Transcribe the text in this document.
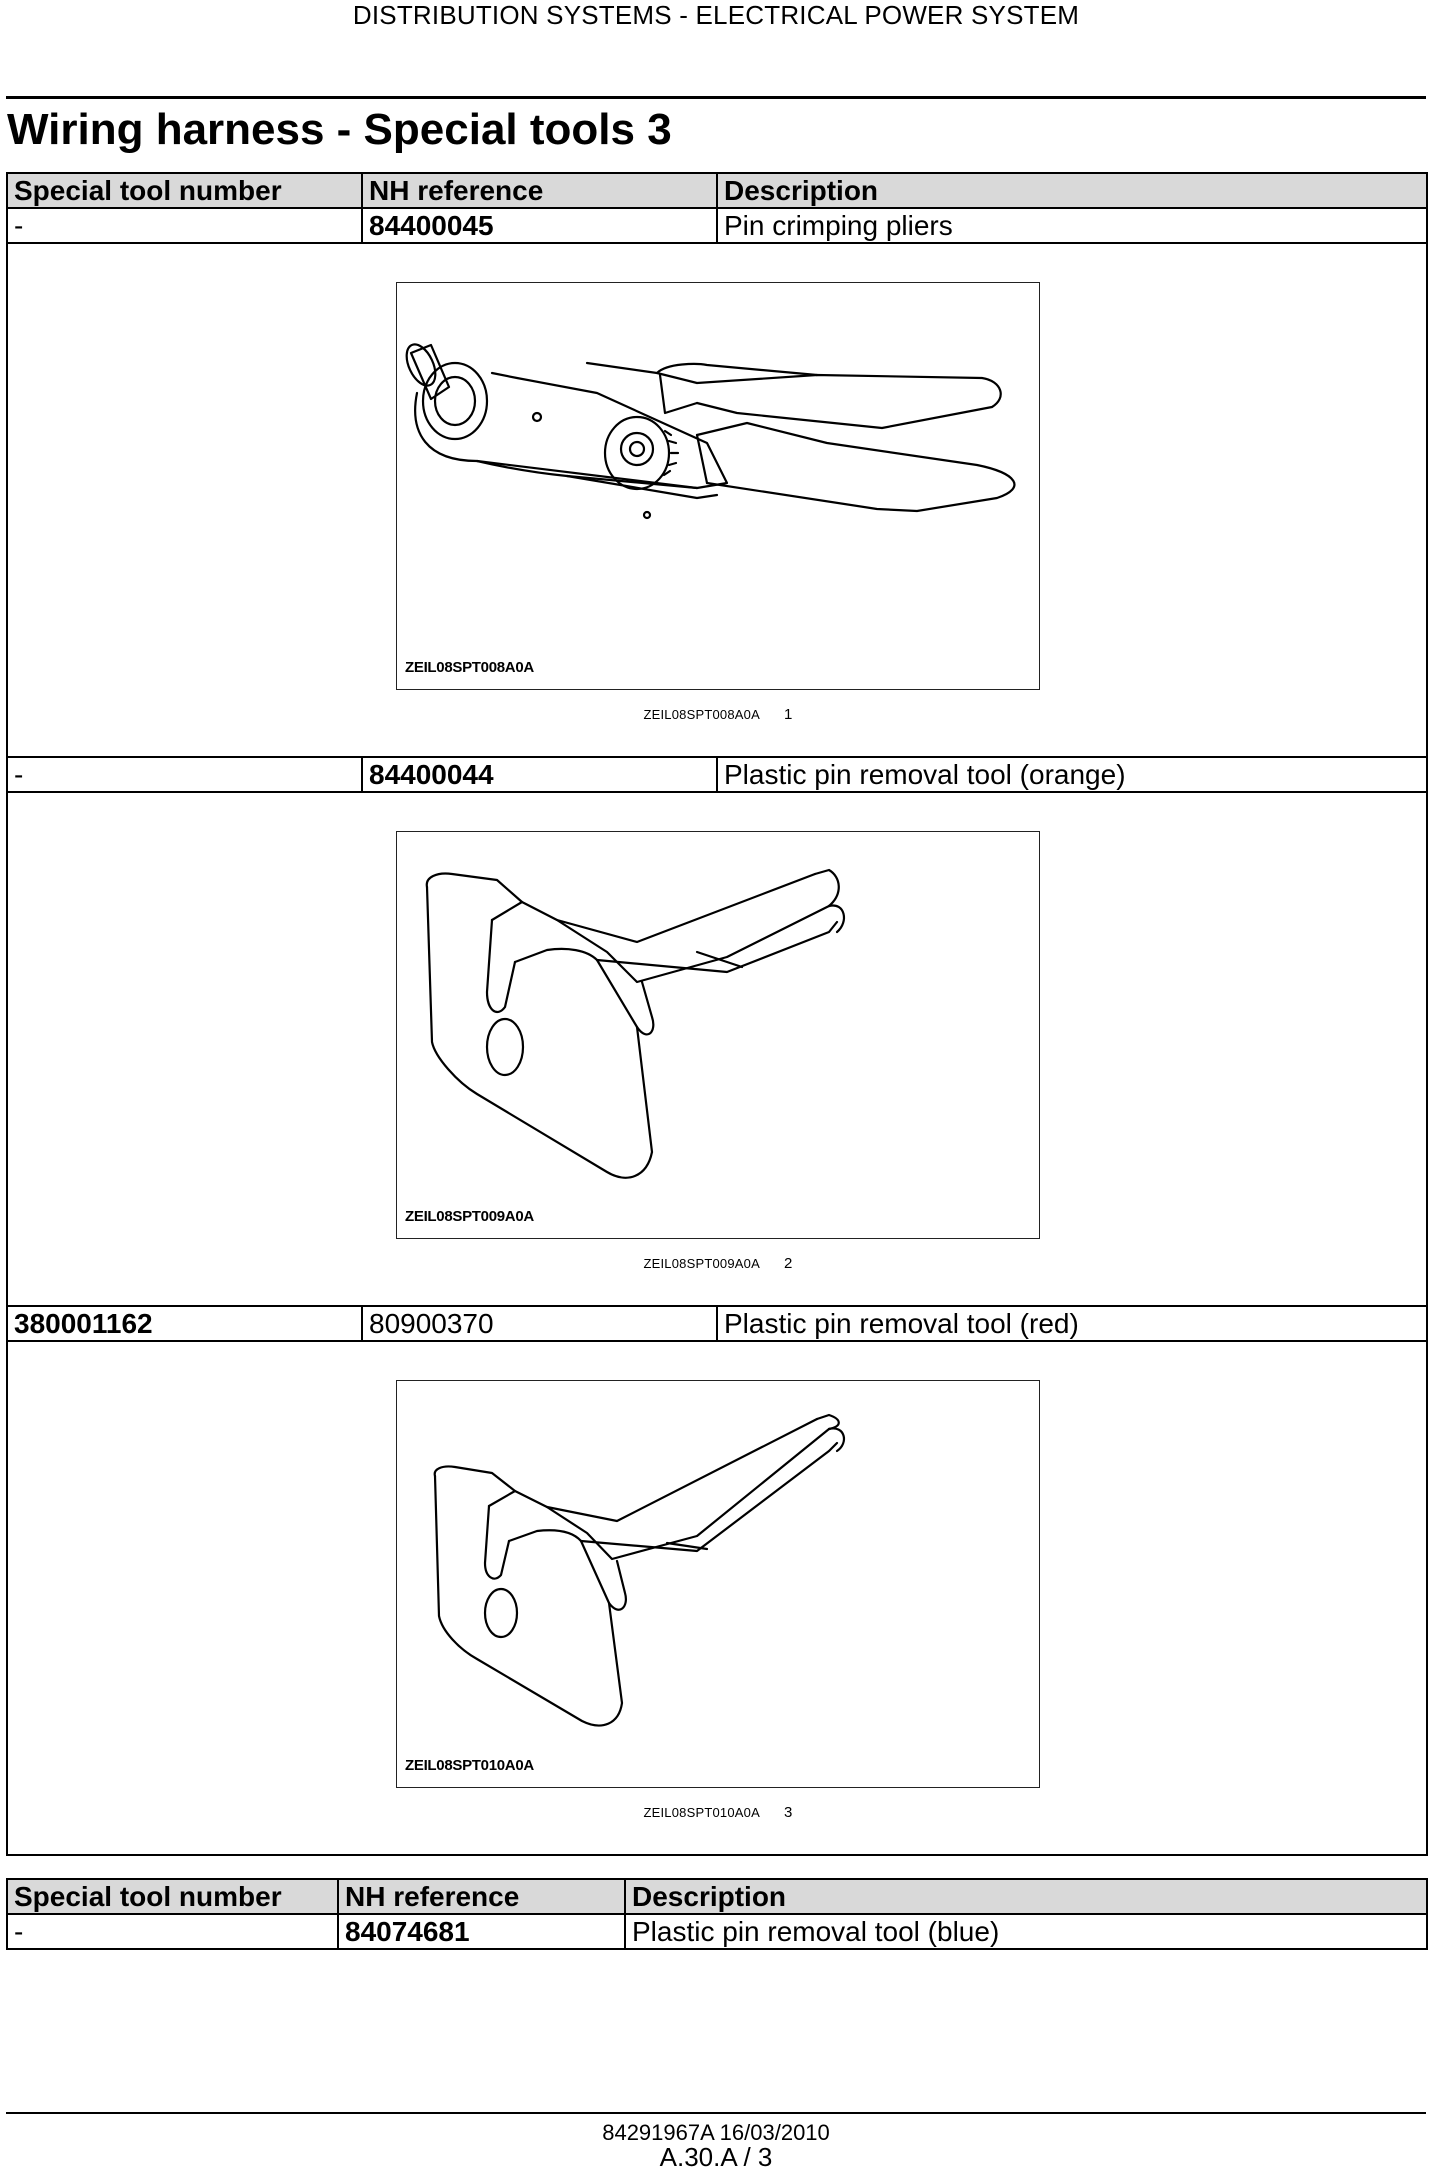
DISTRIBUTION SYSTEMS - ELECTRICAL POWER SYSTEM
Wiring harness - Special tools 3
Special tool number	NH reference	Description
-	84400045	Pin crimping pliers

ZEIL08SPT008A0A
ZEIL08SPT008A0A 1		

-	84400044	Plastic pin removal tool (orange)

ZEIL08SPT009A0A
ZEIL08SPT009A0A 2		

380001162	80900370	Plastic pin removal tool (red)

ZEIL08SPT010A0A
ZEIL08SPT010A0A 3		
Special tool number	NH reference	Description
-	84074681	Plastic pin removal tool (blue)
84291967A 16/03/2010
A.30.A / 3
